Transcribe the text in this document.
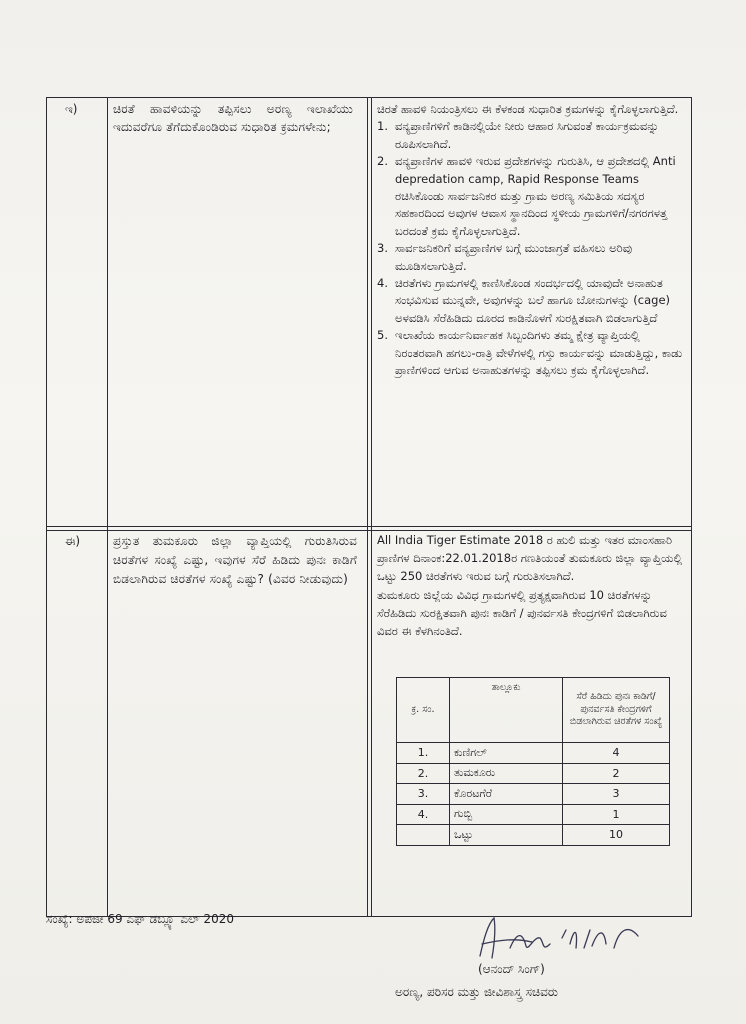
ಇ)	ಚಿರತೆ ಹಾವಳಿಯನ್ನು ತಪ್ಪಿಸಲು ಅರಣ್ಯ ಇಲಾಖೆಯು ಇದುವರೆಗೂ ತೆಗೆದುಕೊಂಡಿರುವ ಸುಧಾರಿತ ಕ್ರಮಗಳೇನು;

ಚಿರತೆ ಹಾವಳಿ ನಿಯಂತ್ರಿಸಲು ಈ ಕೆಳಕಂಡ ಸುಧಾರಿತ ಕ್ರಮಗಳನ್ನು ಕೈಗೊಳ್ಳಲಾಗುತ್ತಿದೆ.

1. ವನ್ಯಪ್ರಾಣಿಗಳಿಗೆ ಕಾಡಿನಲ್ಲಿಯೇ ನೀರು ಆಹಾರ ಸಿಗುವಂತೆ ಕಾರ್ಯಕ್ರಮವನ್ನು ರೂಪಿಸಲಾಗಿದೆ.
2. ವನ್ಯಪ್ರಾಣಿಗಳ ಹಾವಳಿ ಇರುವ ಪ್ರದೇಶಗಳನ್ನು ಗುರುತಿಸಿ, ಆ ಪ್ರದೇಶದಲ್ಲಿ Anti depredation camp, Rapid Response Teams ರಚಿಸಿಕೊಂಡು ಸಾರ್ವಜನಿಕರ ಮತ್ತು ಗ್ರಾಮ ಅರಣ್ಯ ಸಮಿತಿಯ ಸದಸ್ಯರ ಸಹಕಾರದಿಂದ ಅವುಗಳ ಆವಾಸ ಸ್ಥಾನದಿಂದ ಸ್ಥಳೀಯ ಗ್ರಾಮಗಳಿಗೆ/ನಗರಗಳತ್ತ ಬರದಂತೆ ಕ್ರಮ ಕೈಗೊಳ್ಳಲಾಗುತ್ತಿದೆ.
3. ಸಾರ್ವಜನಿಕರಿಗೆ ವನ್ಯಪ್ರಾಣಿಗಳ ಬಗ್ಗೆ ಮುಂಜಾಗ್ರತೆ ವಹಿಸಲು ಅರಿವು ಮೂಡಿಸಲಾಗುತ್ತಿದೆ.
4. ಚಿರತೆಗಳು ಗ್ರಾಮಗಳಲ್ಲಿ ಕಾಣಿಸಿಕೊಂಡ ಸಂದರ್ಭದಲ್ಲಿ ಯಾವುದೇ ಅನಾಹುತ ಸಂಭವಿಸುವ ಮುನ್ನವೇ, ಅವುಗಳನ್ನು ಬಲೆ ಹಾಗೂ ಬೋನುಗಳನ್ನು (cage) ಅಳವಡಿಸಿ ಸೆರೆಹಿಡಿದು ದೂರದ ಕಾಡಿನೊಳಗೆ ಸುರಕ್ಷಿತವಾಗಿ ಬಿಡಲಾಗುತ್ತಿದೆ
5. ಇಲಾಖೆಯ ಕಾರ್ಯನಿರ್ವಾಹಕ ಸಿಬ್ಬಂದಿಗಳು ತಮ್ಮ ಕ್ಷೇತ್ರ ವ್ಯಾಪ್ತಿಯಲ್ಲಿ ನಿರಂತರವಾಗಿ ಹಗಲು-ರಾತ್ರಿ ವೇಳೆಗಳಲ್ಲಿ ಗಸ್ತು ಕಾರ್ಯವನ್ನು ಮಾಡುತ್ತಿದ್ದು, ಕಾಡು ಪ್ರಾಣಿಗಳಿಂದ ಆಗುವ ಅನಾಹುತಗಳನ್ನು ತಪ್ಪಿಸಲು ಕ್ರಮ ಕೈಗೊಳ್ಳಲಾಗಿದೆ.
ಈ)	ಪ್ರಸ್ತುತ ತುಮಕೂರು ಜಿಲ್ಲಾ ವ್ಯಾಪ್ತಿಯಲ್ಲಿ ಗುರುತಿಸಿರುವ ಚಿರತೆಗಳ ಸಂಖ್ಯೆ ಎಷ್ಟು, ಇವುಗಳ ಸೆರೆ ಹಿಡಿದು ಪುನಃ ಕಾಡಿಗೆ ಬಿಡಲಾಗಿರುವ ಚಿರತೆಗಳ ಸಂಖ್ಯೆ ಎಷ್ಟು? (ವಿವರ ನೀಡುವುದು)

All India Tiger Estimate 2018 ರ ಹುಲಿ ಮತ್ತು ಇತರ ಮಾಂಸಹಾರಿ ಪ್ರಾಣಿಗಳ ದಿನಾಂಕ:22.01.2018ರ ಗಣತಿಯಂತೆ ತುಮಕೂರು ಜಿಲ್ಲಾ ವ್ಯಾಪ್ತಿಯಲ್ಲಿ ಒಟ್ಟು 250 ಚಿರತೆಗಳು ಇರುವ ಬಗ್ಗೆ ಗುರುತಿಸಲಾಗಿದೆ.

ತುಮಕೂರು ಜಿಲ್ಲೆಯ ವಿವಿಧ ಗ್ರಾಮಗಳಲ್ಲಿ ಪ್ರತ್ಯಕ್ಷವಾಗಿರುವ 10 ಚಿರತೆಗಳನ್ನು ಸೆರೆಹಿಡಿದು ಸುರಕ್ಷಿತವಾಗಿ ಪುನಃ ಕಾಡಿಗೆ / ಪುನರ್ವಸತಿ ಕೇಂದ್ರಗಳಿಗೆ ಬಿಡಲಾಗಿರುವ ವಿವರ ಈ ಕೆಳಗಿನಂತಿದೆ.

ಕ್ರ. ಸಂ.	ತಾಲ್ಲೂಕು	ಸೆರೆ ಹಿಡಿದು ಪುನಃ ಕಾಡಿಗೆ/ಪುನರ್ವಸತಿ ಕೇಂದ್ರಗಳಿಗೆ ಬಿಡಲಾಗಿರುವ ಚಿರತೆಗಳ ಸಂಖ್ಯೆ
1.	ಕುಣಿಗಲ್	4
2.	ತುಮಕೂರು	2
3.	ಕೊರಟಗೆರೆ	3
4.	ಗುಬ್ಬಿ	1
	ಒಟ್ಟು	10
ಸಂಖ್ಯೆ: ಅಪಜೀ 69 ಎಫ್‌ ಡಬ್ಲ್ಯೂ ಎಲ್‌ 2020
(ಆನಂದ್‌ ಸಿಂಗ್‌)
ಅರಣ್ಯ, ಪರಿಸರ ಮತ್ತು ಜೀವಿಶಾಸ್ತ್ರ ಸಚಿವರು
